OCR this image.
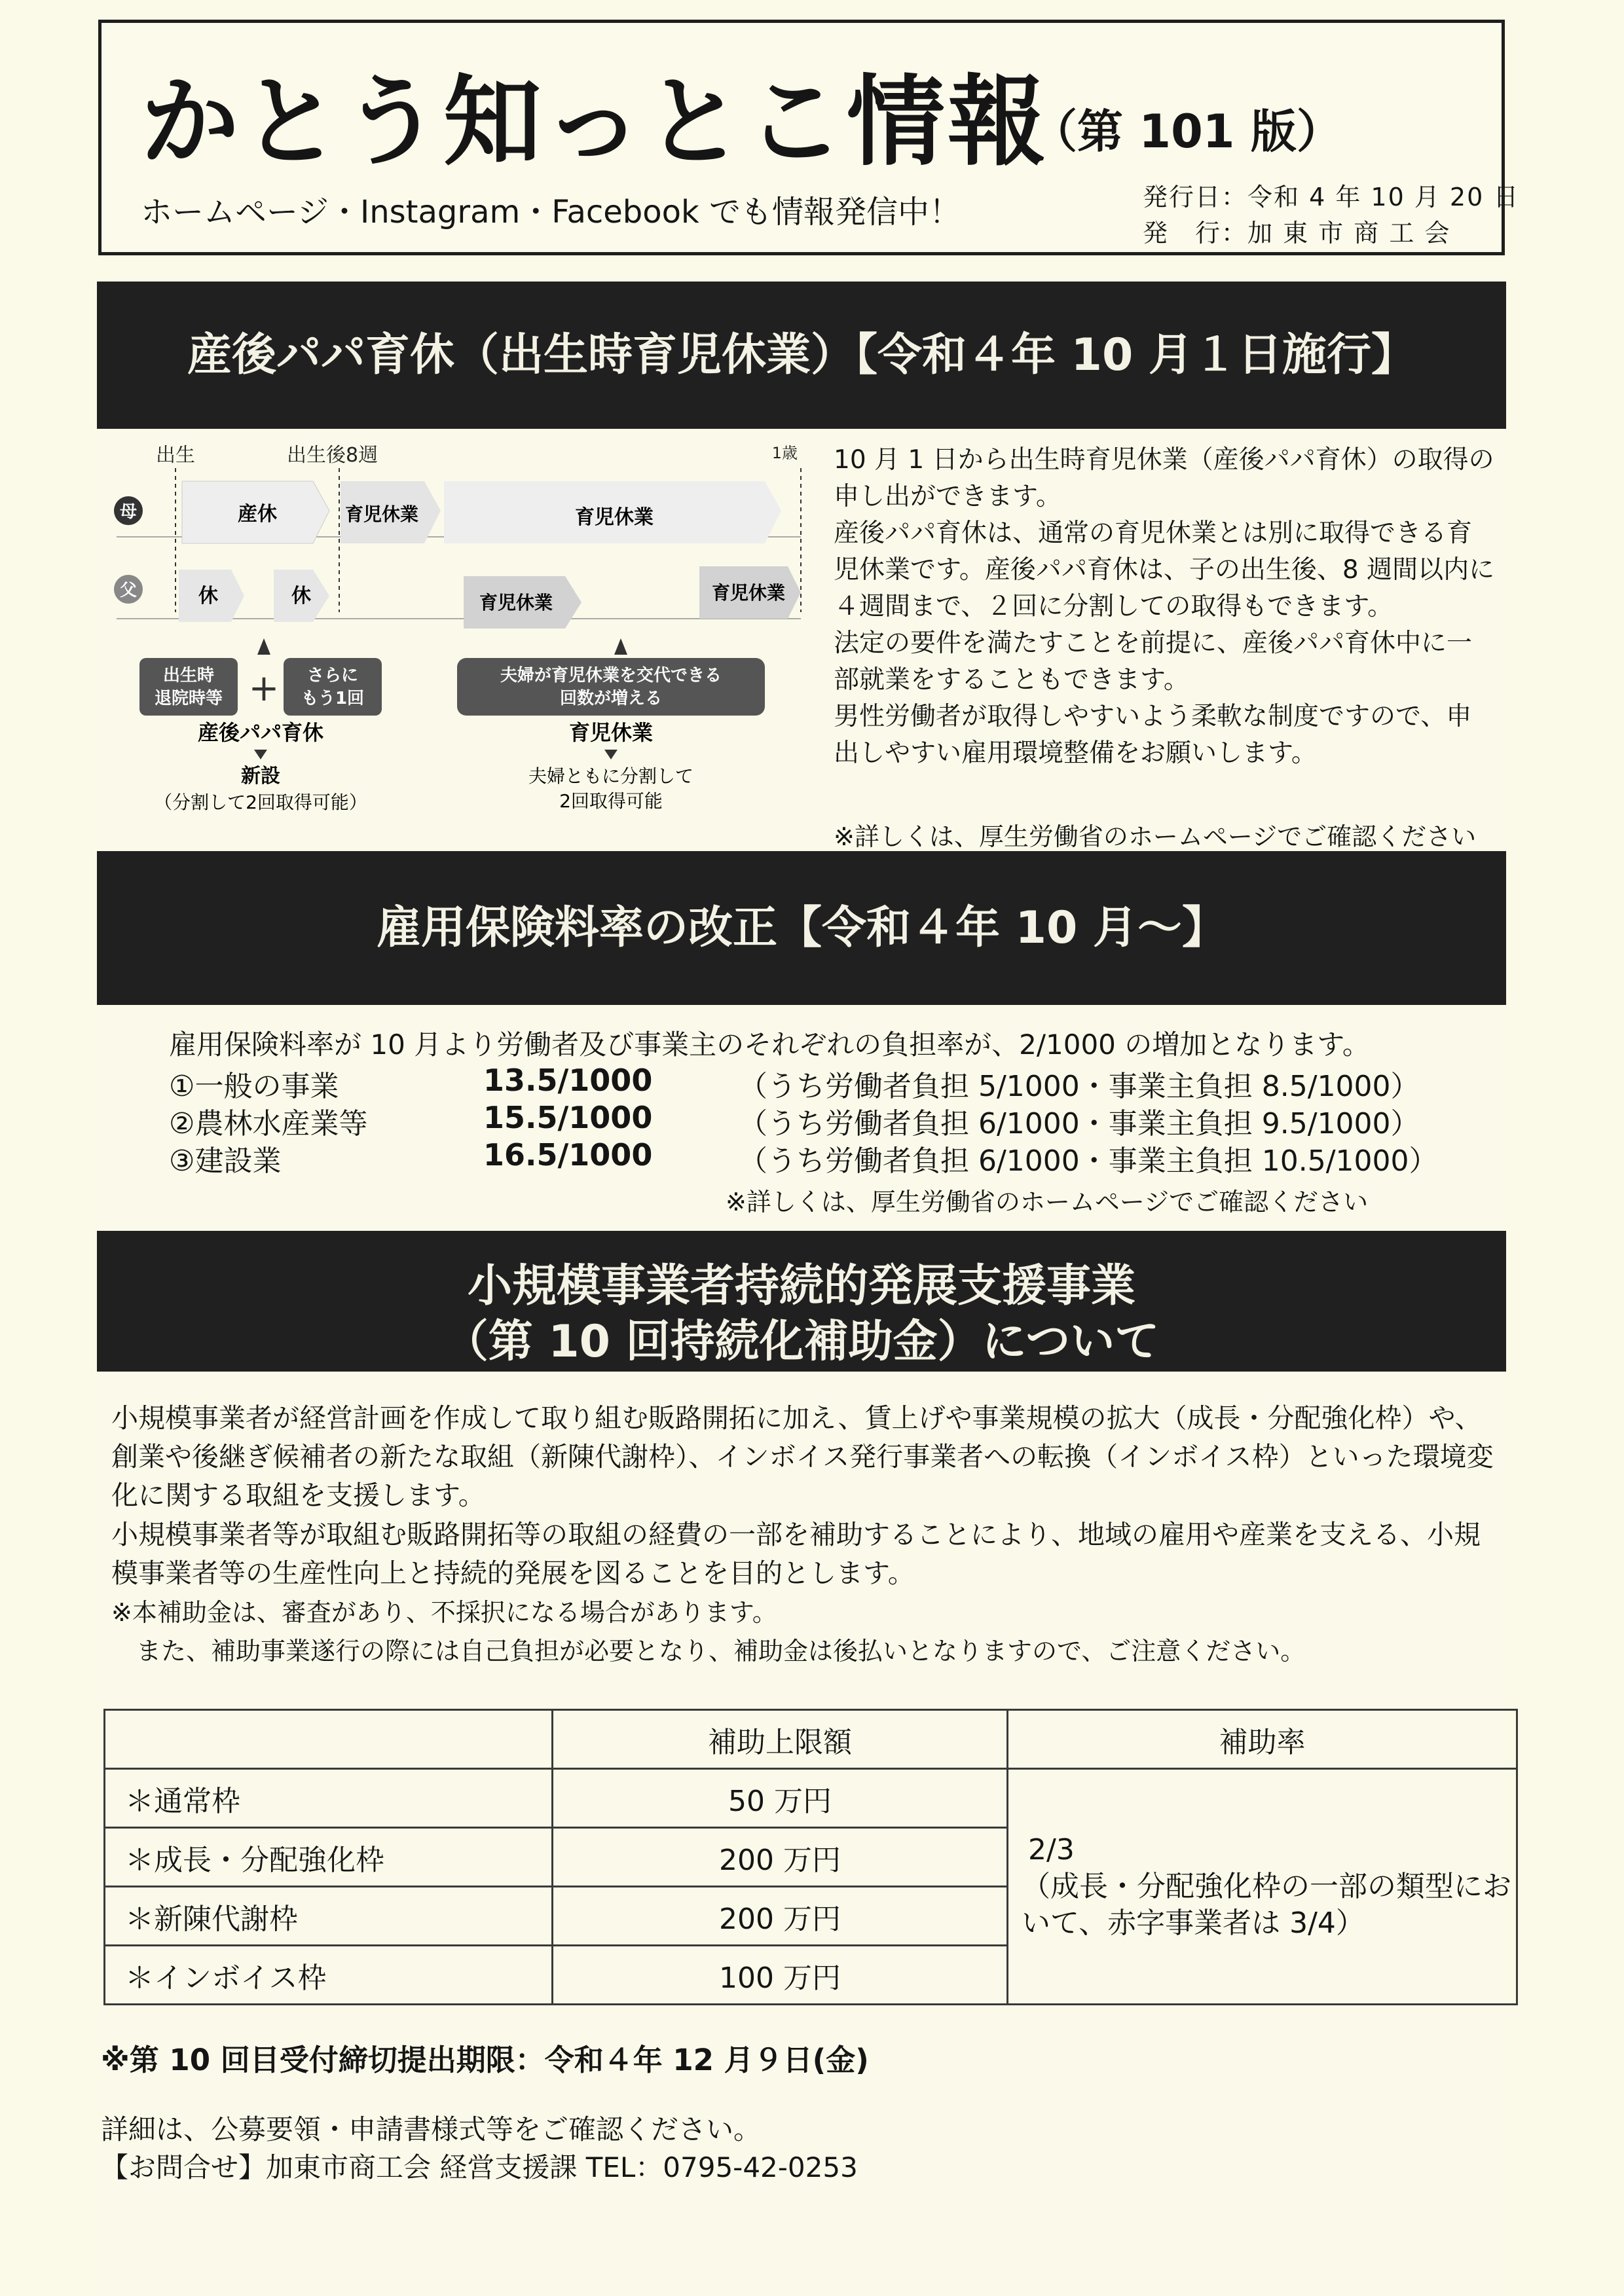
かとう知っとこ情報
（第 101 版）
ホームページ・Instagram・Facebook でも情報発信中！	発行日：令和 4 年 10 月 20 日
発　行：加 東 市 商 工 会
産後パパ育休（出生時育児休業）【令和４年 10 月１日施行】
出生	出生後8週	1歳
母
父
産休	育児休業	育児休業
休	休	育児休業	育児休業
出生時
退院時等 + さらに
もう1回
産後パパ育休
新設
（分割して2回取得可能）
夫婦が育児休業を交代できる
回数が増える
育児休業
夫婦ともに分割して
2回取得可能

10 月 1 日から出生時育児休業（産後パパ育休）の取得の申し出ができます。

産後パパ育休は、通常の育児休業とは別に取得できる育児休業です。産後パパ育休は、子の出生後、8 週間以内に４週間まで、２回に分割しての取得もできます。

法定の要件を満たすことを前提に、産後パパ育休中に一部就業をすることもできます。

男性労働者が取得しやすいよう柔軟な制度ですので、申出しやすい雇用環境整備をお願いします。

※詳しくは、厚生労働省のホームページでご確認ください
雇用保険料率の改正【令和４年 10 月～】
雇用保険料率が 10 月より労働者及び事業主のそれぞれの負担率が、2/1000 の増加となります。
①一般の事業	13.5/1000	（うち労働者負担 5/1000・事業主負担 8.5/1000）
②農林水産業等	15.5/1000	（うち労働者負担 6/1000・事業主負担 9.5/1000）
③建設業	16.5/1000	（うち労働者負担 6/1000・事業主負担 10.5/1000）
※詳しくは、厚生労働省のホームページでご確認ください
小規模事業者持続的発展支援事業
（第 10 回持続化補助金）について

小規模事業者が経営計画を作成して取り組む販路開拓に加え、賃上げや事業規模の拡大（成長・分配強化枠）や、創業や後継ぎ候補者の新たな取組（新陳代謝枠）、インボイス発行事業者への転換（インボイス枠）といった環境変化に関する取組を支援します。

小規模事業者等が取組む販路開拓等の取組の経費の一部を補助することにより、地域の雇用や産業を支える、小規模事業者等の生産性向上と持続的発展を図ることを目的とします。

※本補助金は、審査があり、不採択になる場合があります。

　また、補助事業遂行の際には自己負担が必要となり、補助金は後払いとなりますので、ご注意ください。

	補助上限額	補助率
＊通常枠	50 万円	2/3
（成長・分配強化枠の一部の類型において、赤字事業者は 3/4）

＊成長・分配強化枠	200 万円	
＊新陳代謝枠	200 万円	
＊インボイス枠	100 万円	
※第 10 回目受付締切提出期限：令和４年 12 月９日(金)
詳細は、公募要領・申請書様式等をご確認ください。
【お問合せ】加東市商工会 経営支援課 TEL：0795-42-0253
